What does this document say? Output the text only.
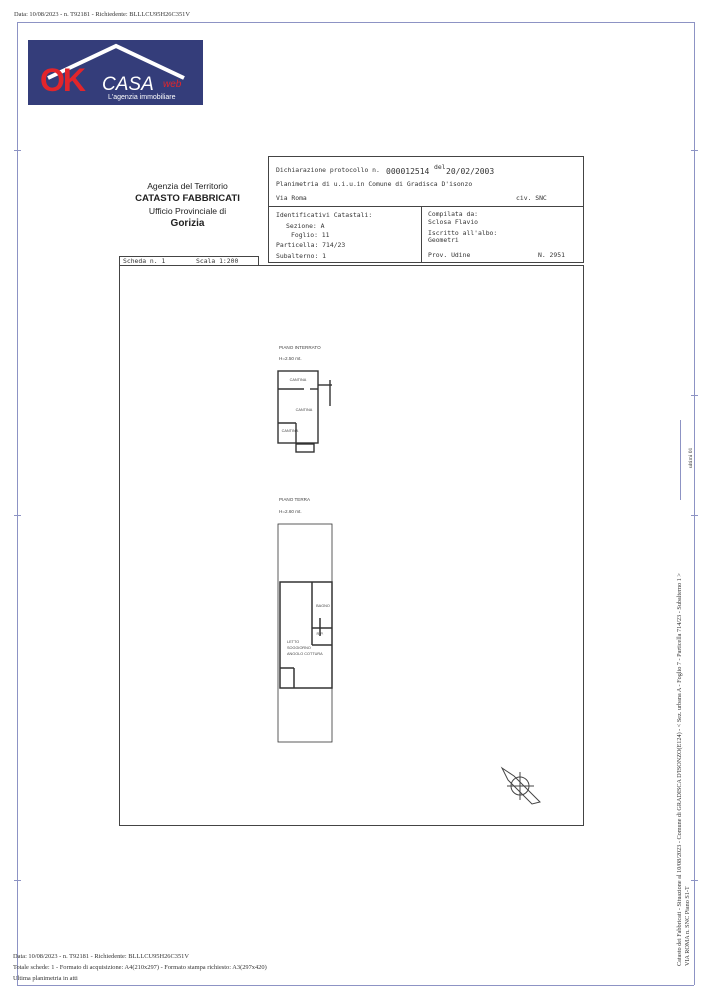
Data: 10/08/2023 - n. T92181 - Richiedente: BLLLCU95H26C351V
OK CASA web
L'agenzia immobiliare
Agenzia del Territorio
CATASTO FABBRICATI
Ufficio Provinciale di
Gorizia
Dichiarazione protocollo n. 000012514 del 20/02/2003
Planimetria di u.i.u.in Comune di Gradisca D'isonzo
Via Roma	civ. SNC
Identificativi Catastali:
Sezione: A
Foglio: 11
Particella: 714/23
Subalterno: 1
Compilata da:
Sclosa Flavio
Iscritto all'albo:
Geometri
Prov. Udine	N. 2951
Scheda n. 1	Scala 1:200
PIANO INTERRATO
H=2.50 mt.
CANTINA
CANTINA
CANTINA
PIANO TERRA
H=2.60 mt.
BAGNO
RIP.
LETTO
SOGGIORNO
ANGOLO COTTURA
ultimi 01
Catasto dei Fabbricati - Situazione al 10/08/2023 - Comune di GRADISCA D'ISONZO(E124) - < Sez. urbana A - Foglio 7 - Particella 714/23 - Subalterno 1 > VIA ROMA n. SNC Piano S1-T
Data: 10/08/2023 - n. T92181 - Richiedente: BLLLCU95H26C351V
Totale schede: 1 - Formato di acquisizione: A4(210x297) - Formato stampa richiesto: A3(297x420)
Ultima planimetria in atti
